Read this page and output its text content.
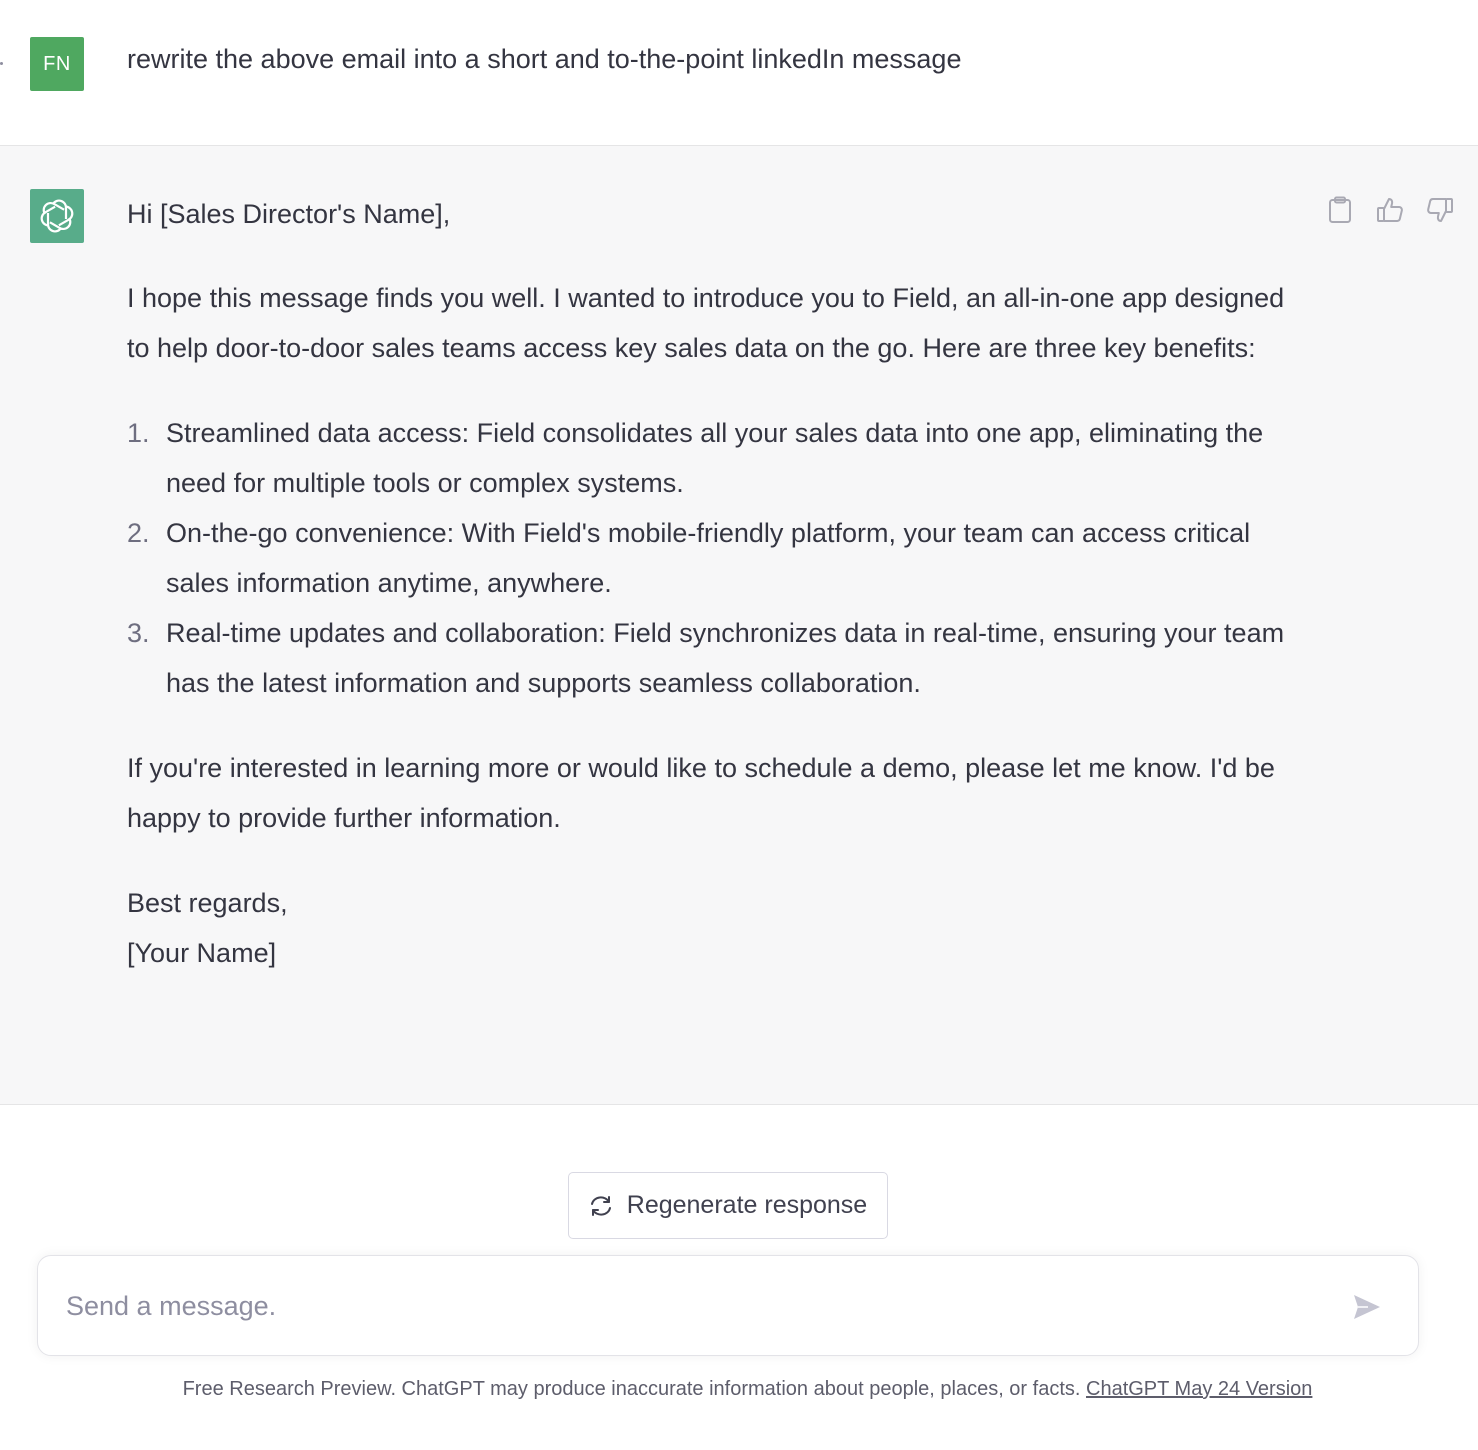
FN rewrite the above email into a short and to-the-point linkedIn message

Hi [Sales Director's Name],

I hope this message finds you well. I wanted to introduce you to Field, an all-in-one app designed to help door-to-door sales teams access key sales data on the go. Here are three key benefits:

1. Streamlined data access: Field consolidates all your sales data into one app, eliminating the need for multiple tools or complex systems.
2. On-the-go convenience: With Field's mobile-friendly platform, your team can access critical sales information anytime, anywhere.
3. Real-time updates and collaboration: Field synchronizes data in real-time, ensuring your team has the latest information and supports seamless collaboration.

If you're interested in learning more or would like to schedule a demo, please let me know. I'd be happy to provide further information.

Best regards,

[Your Name]

Regenerate response
Send a message.
Free Research Preview. ChatGPT may produce inaccurate information about people, places, or facts. ChatGPT May 24 Version
